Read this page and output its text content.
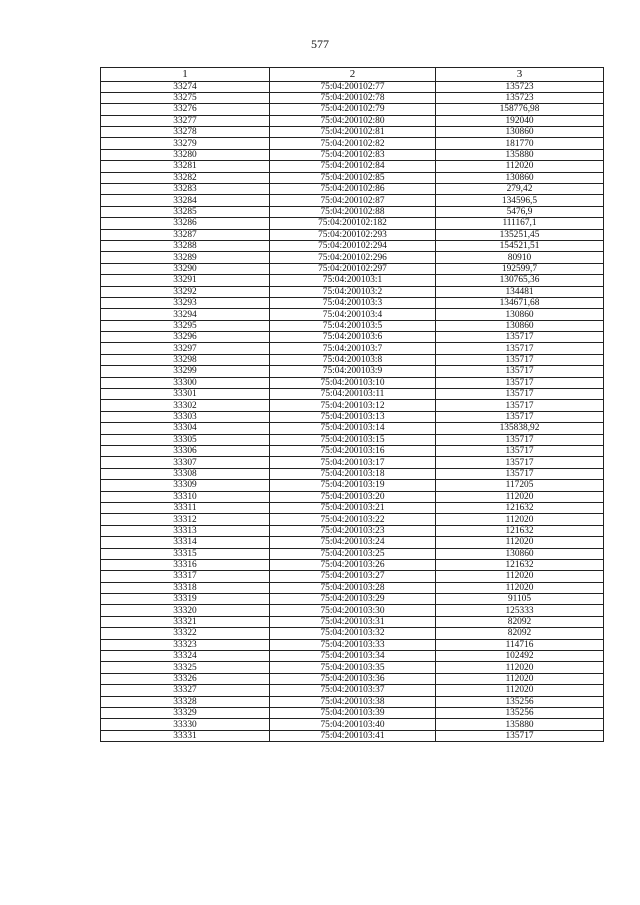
577
1	2	3
33274	75:04:200102:77	135723
33275	75:04:200102:78	135723
33276	75:04:200102:79	158776,98
33277	75:04:200102:80	192040
33278	75:04:200102:81	130860
33279	75:04:200102:82	181770
33280	75:04:200102:83	135880
33281	75:04:200102:84	112020
33282	75:04:200102:85	130860
33283	75:04:200102:86	279,42
33284	75:04:200102:87	134596,5
33285	75:04:200102:88	5476,9
33286	75:04:200102:182	111167,1
33287	75:04:200102:293	135251,45
33288	75:04:200102:294	154521,51
33289	75:04:200102:296	80910
33290	75:04:200102:297	192599,7
33291	75:04:200103:1	130765,36
33292	75:04:200103:2	134481
33293	75:04:200103:3	134671,68
33294	75:04:200103:4	130860
33295	75:04:200103:5	130860
33296	75:04:200103:6	135717
33297	75:04:200103:7	135717
33298	75:04:200103:8	135717
33299	75:04:200103:9	135717
33300	75:04:200103:10	135717
33301	75:04:200103:11	135717
33302	75:04:200103:12	135717
33303	75:04:200103:13	135717
33304	75:04:200103:14	135838,92
33305	75:04:200103:15	135717
33306	75:04:200103:16	135717
33307	75:04:200103:17	135717
33308	75:04:200103:18	135717
33309	75:04:200103:19	117205
33310	75:04:200103:20	112020
33311	75:04:200103:21	121632
33312	75:04:200103:22	112020
33313	75:04:200103:23	121632
33314	75:04:200103:24	112020
33315	75:04:200103:25	130860
33316	75:04:200103:26	121632
33317	75:04:200103:27	112020
33318	75:04:200103:28	112020
33319	75:04:200103:29	91105
33320	75:04:200103:30	125333
33321	75:04:200103:31	82092
33322	75:04:200103:32	82092
33323	75:04:200103:33	114716
33324	75:04:200103:34	102492
33325	75:04:200103:35	112020
33326	75:04:200103:36	112020
33327	75:04:200103:37	112020
33328	75:04:200103:38	135256
33329	75:04:200103:39	135256
33330	75:04:200103:40	135880
33331	75:04:200103:41	135717
